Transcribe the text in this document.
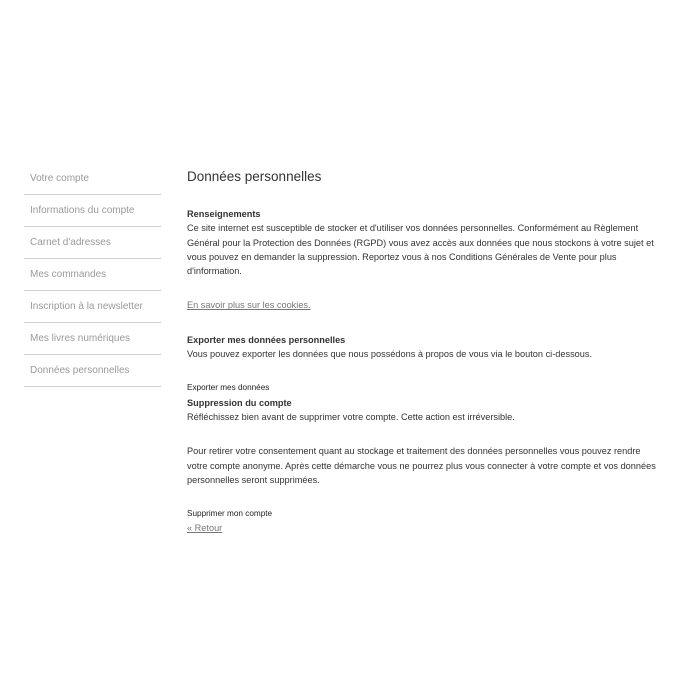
Votre compte
Informations du compte
Carnet d'adresses
Mes commandes
Inscription à la newsletter
Mes livres numériques
Données personnelles
Données personnelles
Renseignements

Ce site internet est susceptible de stocker et d'utiliser vos données personnelles. Conformément au Règlement Général pour la Protection des Données (RGPD) vous avez accès aux données que nous stockons à votre sujet et vous pouvez en demander la suppression. Reportez vous à nos Conditions Générales de Vente pour plus d'information.

En savoir plus sur les cookies.
Exporter mes données personnelles

Vous pouvez exporter les données que nous possédons à propos de vous via le bouton ci-dessous.

Exporter mes données
Suppression du compte

Réfléchissez bien avant de supprimer votre compte. Cette action est irréversible.

Pour retirer votre consentement quant au stockage et traitement des données personnelles vous pouvez rendre votre compte anonyme. Après cette démarche vous ne pourrez plus vous connecter à votre compte et vos données personnelles seront supprimées.

Supprimer mon compte
« Retour
